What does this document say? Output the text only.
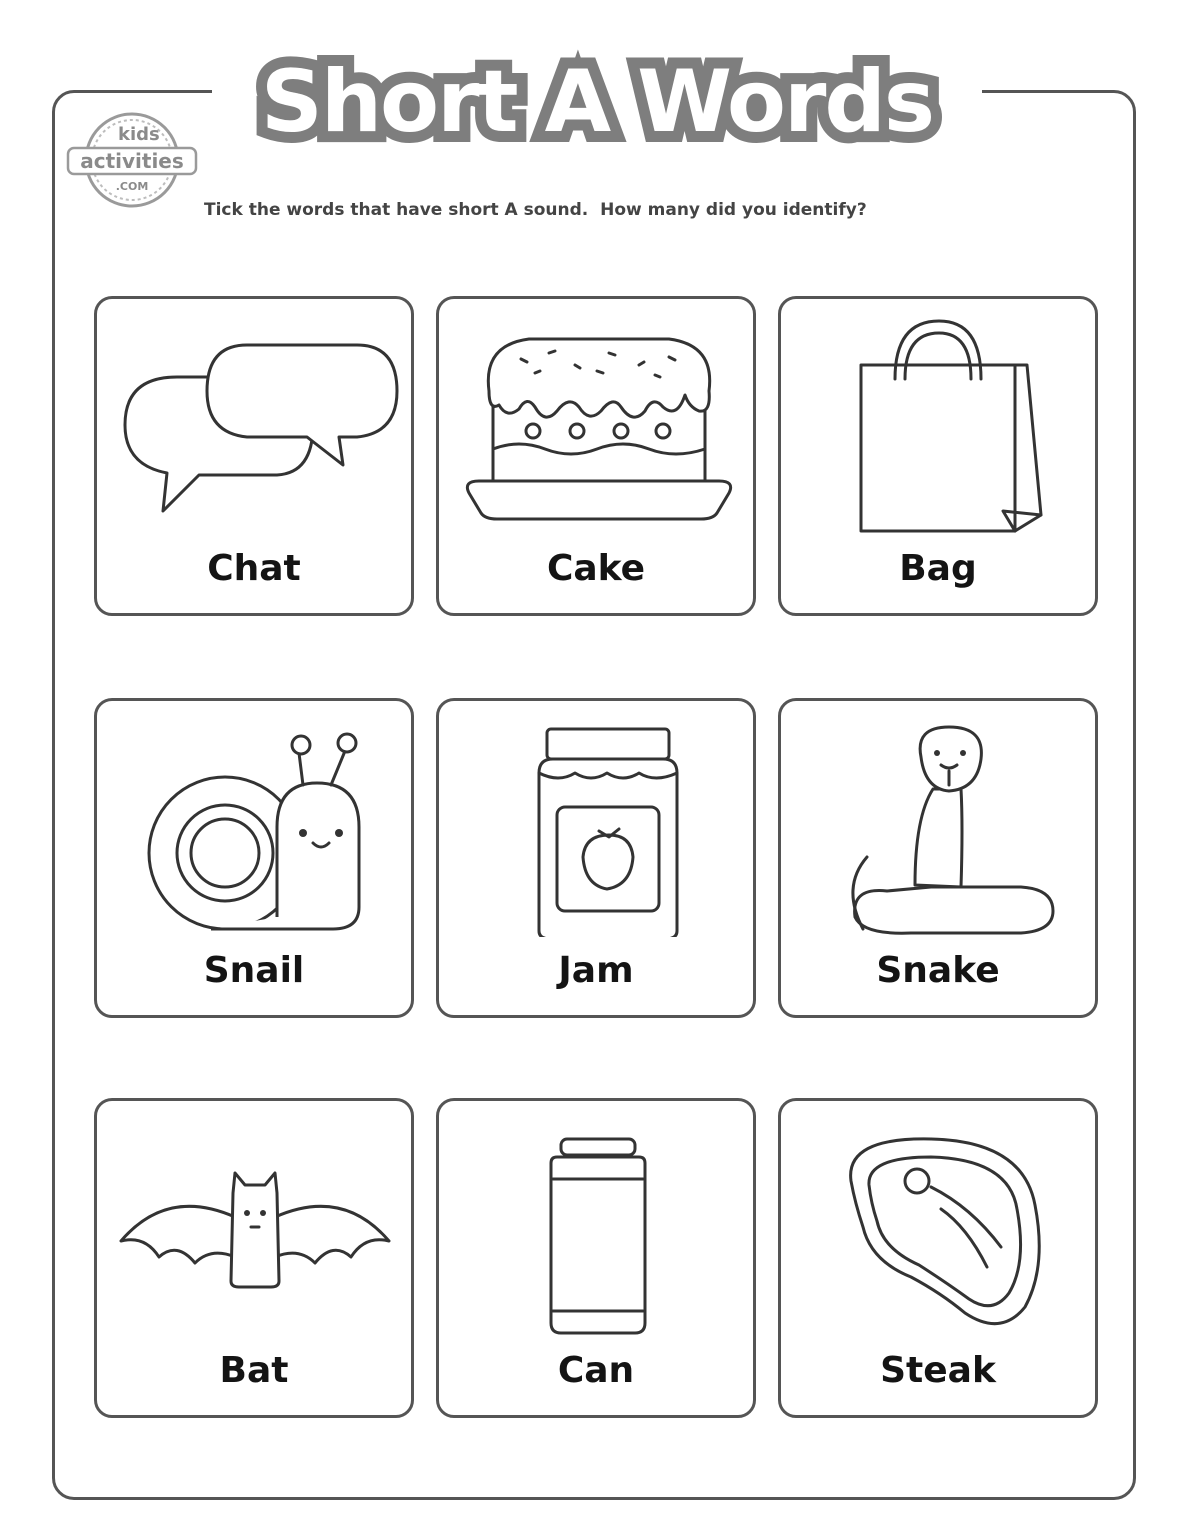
Short A Words
kids
activities
.COM
Tick the words that have short A sound.  How many did you identify?
Chat	Cake	Bag
Snail	Jam	Snake
Bat	Can	Steak
